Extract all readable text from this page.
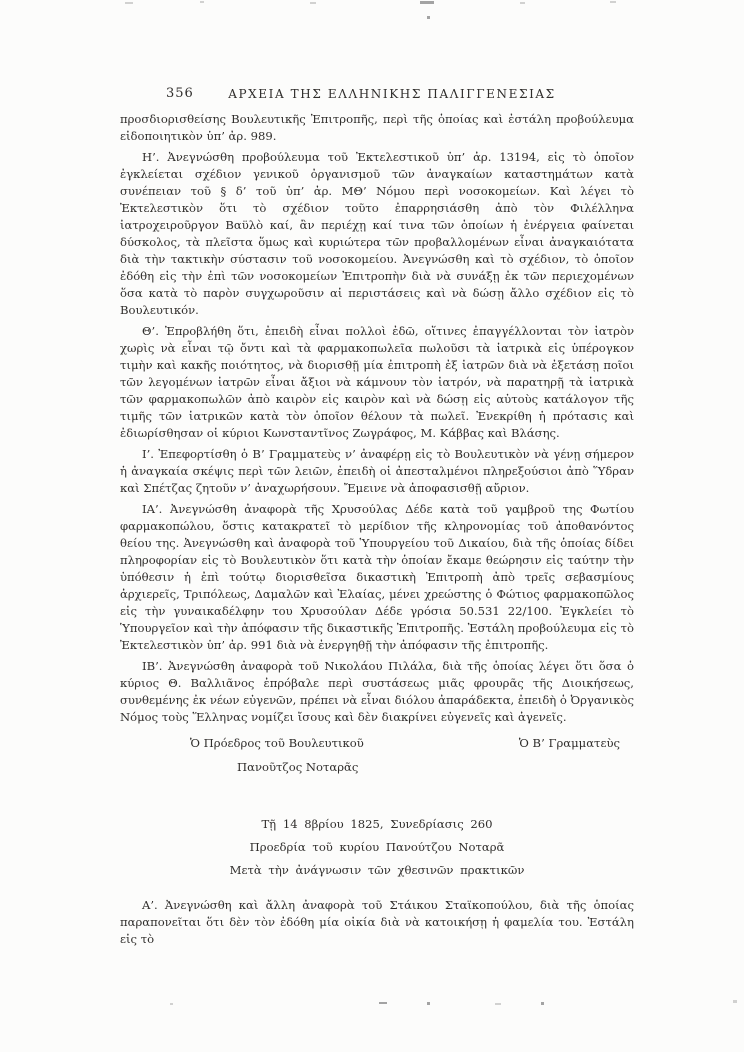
356	ΑΡΧΕΙΑ ΤΗΣ ΕΛΛΗΝΙΚΗΣ ΠΑΛΙΓΓΕΝΕΣΙΑΣ

προσδιορισθείσης Βουλευτικῆς Ἐπιτροπῆς, περὶ τῆς ὁποίας καὶ ἐστάλη προβούλευμα εἰδοποιητικὸν ὑπ’ ἀρ. 989.

Η’. Ἀνεγνώσθη προβούλευμα τοῦ Ἐκτελεστικοῦ ὑπ’ ἀρ. 13194, εἰς τὸ ὁποῖον ἐγκλείεται σχέδιον γενικοῦ ὀργανισμοῦ τῶν ἀναγκαίων καταστημάτων κατὰ συνέπειαν τοῦ § δ’ τοῦ ὑπ’ ἀρ. ΜΘ’ Νόμου περὶ νοσοκομείων. Καὶ λέγει τὸ Ἐκτελεστικὸν ὅτι τὸ σχέδιον τοῦτο ἐπαρρησιάσθη ἀπὸ τὸν Φιλέλληνα ἰατροχειροῦργον Βαϋλὸ καί, ἂν περιέχῃ καί τινα τῶν ὁποίων ἡ ἐνέργεια φαίνεται δύσκολος, τὰ πλεῖστα ὅμως καὶ κυριώτερα τῶν προβαλλομένων εἶναι ἀναγκαιότατα διὰ τὴν τακτικὴν σύστασιν τοῦ νοσοκομείου. Ἀνεγνώσθη καὶ τὸ σχέδιον, τὸ ὁποῖον ἐδόθη εἰς τὴν ἐπὶ τῶν νοσοκομείων Ἐπιτροπὴν διὰ νὰ συνάξῃ ἐκ τῶν περιεχομένων ὅσα κατὰ τὸ παρὸν συγχωροῦσιν αἱ περιστάσεις καὶ νὰ δώσῃ ἄλλο σχέδιον εἰς τὸ Βουλευτικόν.

Θ’. Ἐπροβλήθη ὅτι, ἐπειδὴ εἶναι πολλοὶ ἐδῶ, οἵτινες ἐπαγγέλλονται τὸν ἰατρὸν χωρὶς νὰ εἶναι τῷ ὄντι καὶ τὰ φαρμακοπωλεῖα πωλοῦσι τὰ ἰατρικὰ εἰς ὑπέρογκον τιμὴν καὶ κακῆς ποιότητος, νὰ διορισθῇ μία ἐπιτροπὴ ἐξ ἰατρῶν διὰ νὰ ἐξετάσῃ ποῖοι τῶν λεγομένων ἰατρῶν εἶναι ἄξιοι νὰ κάμνουν τὸν ἰατρόν, νὰ παρατηρῇ τὰ ἰατρικὰ τῶν φαρμακοπωλῶν ἀπὸ καιρὸν εἰς καιρὸν καὶ νὰ δώσῃ εἰς αὐτοὺς κατάλογον τῆς τιμῆς τῶν ἰατρικῶν κατὰ τὸν ὁποῖον θέλουν τὰ πωλεῖ. Ἐνεκρίθη ἡ πρότασις καὶ ἐδιωρίσθησαν οἱ κύριοι Κωνσταντῖνος Ζωγράφος, Μ. Κάββας καὶ Βλάσης.

Ι’. Ἐπεφορτίσθη ὁ Β’ Γραμματεὺς ν’ ἀναφέρῃ εἰς τὸ Βουλευτικὸν νὰ γένῃ σήμερον ἡ ἀναγκαία σκέψις περὶ τῶν λειῶν, ἐπειδὴ οἱ ἀπεσταλμένοι πληρεξούσιοι ἀπὸ Ὕδραν καὶ Σπέτζας ζητοῦν ν’ ἀναχωρήσουν. Ἔμεινε νὰ ἀποφασισθῇ αὔριον.

ΙΑ’. Ἀνεγνώσθη ἀναφορὰ τῆς Χρυσούλας Δέδε κατὰ τοῦ γαμβροῦ της Φωτίου φαρμακοπώλου, ὅστις κατακρατεῖ τὸ μερίδιον τῆς κληρονομίας τοῦ ἀποθανόντος θείου της. Ἀνεγνώσθη καὶ ἀναφορὰ τοῦ Ὑπουργείου τοῦ Δικαίου, διὰ τῆς ὁποίας δίδει πληροφορίαν εἰς τὸ Βουλευτικὸν ὅτι κατὰ τὴν ὁποίαν ἔκαμε θεώρησιν εἰς ταύτην τὴν ὑπόθεσιν ἡ ἐπὶ τούτῳ διορισθεῖσα δικαστικὴ Ἐπιτροπὴ ἀπὸ τρεῖς σεβασμίους ἀρχιερεῖς, Τριπόλεως, Δαμαλῶν καὶ Ἐλαίας, μένει χρεώστης ὁ Φώτιος φαρμακοπῶλος εἰς τὴν γυναικαδέλφην του Χρυσούλαν Δέδε γρόσια 50.531 22/100. Ἐγκλείει τὸ Ὑπουργεῖον καὶ τὴν ἀπόφασιν τῆς δικαστικῆς Ἐπιτροπῆς. Ἐστάλη προβούλευμα εἰς τὸ Ἐκτελεστικὸν ὑπ’ ἀρ. 991 διὰ νὰ ἐνεργηθῇ τὴν ἀπόφασιν τῆς ἐπιτροπῆς.

ΙΒ’. Ἀνεγνώσθη ἀναφορὰ τοῦ Νικολάου Πιλάλα, διὰ τῆς ὁποίας λέγει ὅτι ὅσα ὁ κύριος Θ. Βαλλιᾶνος ἐπρόβαλε περὶ συστάσεως μιᾶς φρουρᾶς τῆς Διοικήσεως, συνθεμένης ἐκ νέων εὐγενῶν, πρέπει νὰ εἶναι διόλου ἀπαράδεκτα, ἐπειδὴ ὁ Ὀργανικὸς Νόμος τοὺς Ἕλληνας νομίζει ἴσους καὶ δὲν διακρίνει εὐγενεῖς καὶ ἀγενεῖς.

Ὁ Πρόεδρος τοῦ Βουλευτικοῦ	Ὁ Β’ Γραμματεὺς
Πανοῦτζος Νοταρᾶς
Τῇ 14 8βρίου 1825, Συνεδρίασις 260
Προεδρία τοῦ κυρίου Πανούτζου Νοταρᾶ
Μετὰ τὴν ἀνάγνωσιν τῶν χθεσινῶν πρακτικῶν

Α’. Ἀνεγνώσθη καὶ ἄλλη ἀναφορὰ τοῦ Στάικου Σταϊκοπούλου, διὰ τῆς ὁποίας παραπονεῖται ὅτι δὲν τὸν ἐδόθη μία οἰκία διὰ νὰ κατοικήσῃ ἡ φαμελία του. Ἐστάλη εἰς τὸ
